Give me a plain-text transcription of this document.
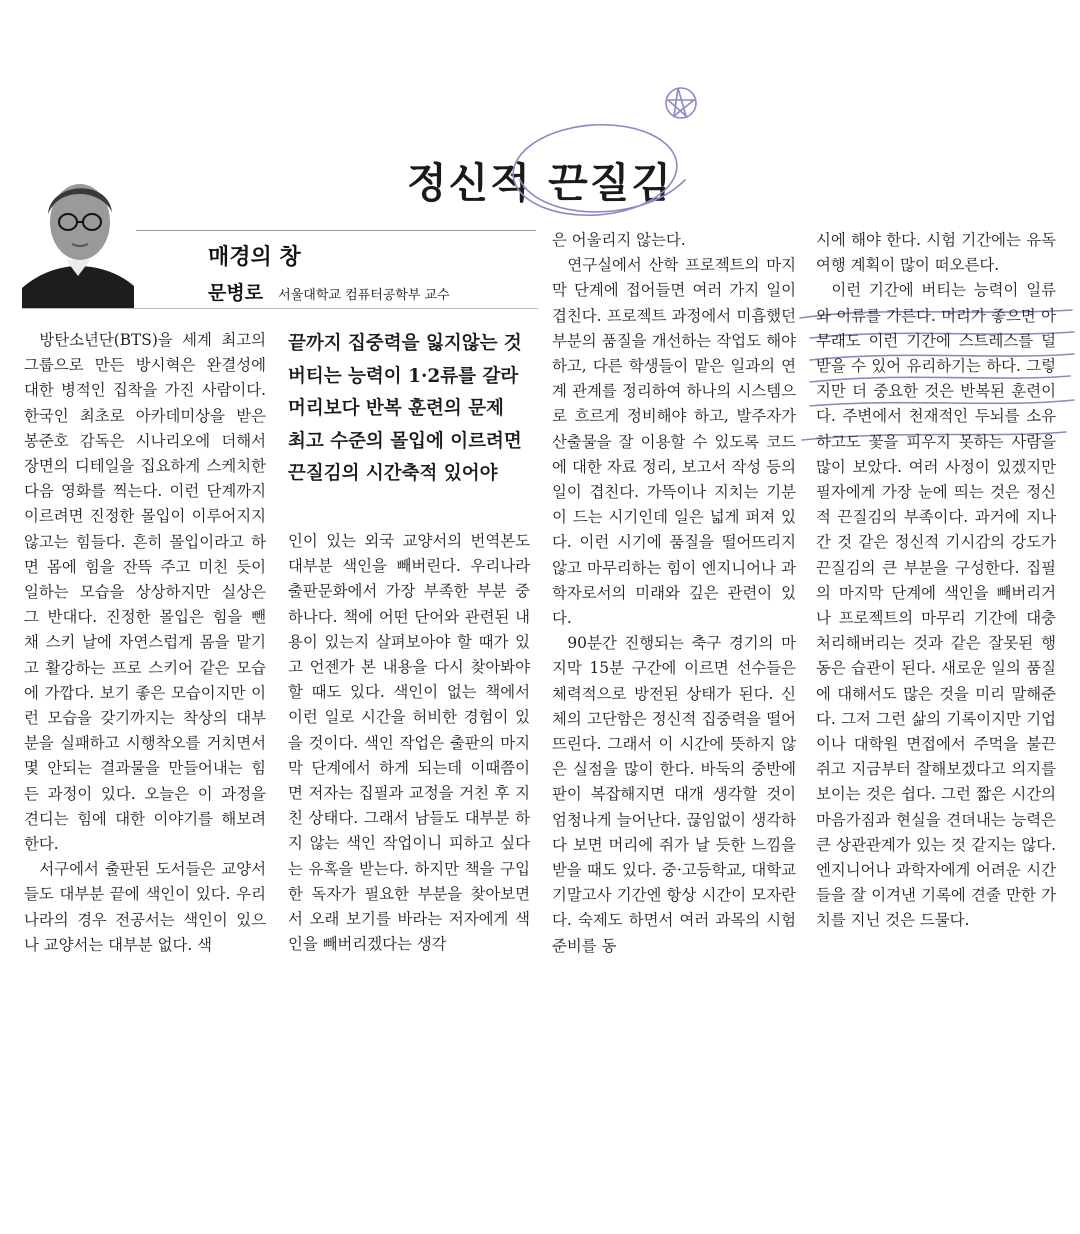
정신적 끈질김
매경의 창
문병로 서울대학교 컴퓨터공학부 교수

방탄소년단(BTS)을 세계 최고의 그룹으로 만든 방시혁은 완결성에 대한 병적인 집착을 가진 사람이다. 한국인 최초로 아카데미상을 받은 봉준호 감독은 시나리오에 더해서 장면의 디테일을 집요하게 스케치한 다음 영화를 찍는다. 이런 단계까지 이르려면 진정한 몰입이 이루어지지 않고는 힘들다. 흔히 몰입이라고 하면 몸에 힘을 잔뜩 주고 미친 듯이 일하는 모습을 상상하지만 실상은 그 반대다. 진정한 몰입은 힘을 뺀 채 스키 날에 자연스럽게 몸을 맡기고 활강하는 프로 스키어 같은 모습에 가깝다. 보기 좋은 모습이지만 이런 모습을 갖기까지는 착상의 대부분을 실패하고 시행착오를 거치면서 몇 안되는 결과물을 만들어내는 힘든 과정이 있다. 오늘은 이 과정을 견디는 힘에 대한 이야기를 해보려 한다.

서구에서 출판된 도서들은 교양서들도 대부분 끝에 색인이 있다. 우리나라의 경우 전공서는 색인이 있으나 교양서는 대부분 없다. 색

끝까지 집중력을 잃지않는 것
버티는 능력이 1·2류를 갈라
머리보다 반복 훈련의 문제
최고 수준의 몰입에 이르려면
끈질김의 시간축적 있어야

인이 있는 외국 교양서의 번역본도 대부분 색인을 빼버린다. 우리나라 출판문화에서 가장 부족한 부분 중 하나다. 책에 어떤 단어와 관련된 내용이 있는지 살펴보아야 할 때가 있고 언젠가 본 내용을 다시 찾아봐야 할 때도 있다. 색인이 없는 책에서 이런 일로 시간을 허비한 경험이 있을 것이다. 색인 작업은 출판의 마지막 단계에서 하게 되는데 이때쯤이면 저자는 집필과 교정을 거친 후 지친 상태다. 그래서 남들도 대부분 하지 않는 색인 작업이니 피하고 싶다는 유혹을 받는다. 하지만 책을 구입한 독자가 필요한 부분을 찾아보면서 오래 보기를 바라는 저자에게 색인을 빼버리겠다는 생각

은 어울리지 않는다.

연구실에서 산학 프로젝트의 마지막 단계에 접어들면 여러 가지 일이 겹친다. 프로젝트 과정에서 미흡했던 부분의 품질을 개선하는 작업도 해야 하고, 다른 학생들이 맡은 일과의 연계 관계를 정리하여 하나의 시스템으로 흐르게 정비해야 하고, 발주자가 산출물을 잘 이용할 수 있도록 코드에 대한 자료 정리, 보고서 작성 등의 일이 겹친다. 가뜩이나 지치는 기분이 드는 시기인데 일은 넓게 퍼져 있다. 이런 시기에 품질을 떨어뜨리지 않고 마무리하는 힘이 엔지니어나 과학자로서의 미래와 깊은 관련이 있다.

90분간 진행되는 축구 경기의 마지막 15분 구간에 이르면 선수들은 체력적으로 방전된 상태가 된다. 신체의 고단함은 정신적 집중력을 떨어뜨린다. 그래서 이 시간에 뜻하지 않은 실점을 많이 한다. 바둑의 중반에 판이 복잡해지면 대개 생각할 것이 엄청나게 늘어난다. 끊임없이 생각하다 보면 머리에 쥐가 날 듯한 느낌을 받을 때도 있다. 중·고등학교, 대학교 기말고사 기간엔 항상 시간이 모자란다. 숙제도 하면서 여러 과목의 시험 준비를 동

시에 해야 한다. 시험 기간에는 유독 여행 계획이 많이 떠오른다.

이런 기간에 버티는 능력이 일류와 이류를 가른다. 머리가 좋으면 아무래도 이런 기간에 스트레스를 덜 받을 수 있어 유리하기는 하다. 그렇지만 더 중요한 것은 반복된 훈련이다. 주변에서 천재적인 두뇌를 소유하고도 꽃을 피우지 못하는 사람을 많이 보았다. 여러 사정이 있겠지만 필자에게 가장 눈에 띄는 것은 정신적 끈질김의 부족이다. 과거에 지나간 것 같은 정신적 기시감의 강도가 끈질김의 큰 부분을 구성한다. 집필의 마지막 단계에 색인을 빼버리거나 프로젝트의 마무리 기간에 대충 처리해버리는 것과 같은 잘못된 행동은 습관이 된다. 새로운 일의 품질에 대해서도 많은 것을 미리 말해준다. 그저 그런 삶의 기록이지만 기업이나 대학원 면접에서 주먹을 불끈 쥐고 지금부터 잘해보겠다고 의지를 보이는 것은 쉽다. 그런 짧은 시간의 마음가짐과 현실을 견뎌내는 능력은 큰 상관관계가 있는 것 같지는 않다. 엔지니어나 과학자에게 어려운 시간들을 잘 이겨낸 기록에 견줄 만한 가치를 지닌 것은 드물다.
